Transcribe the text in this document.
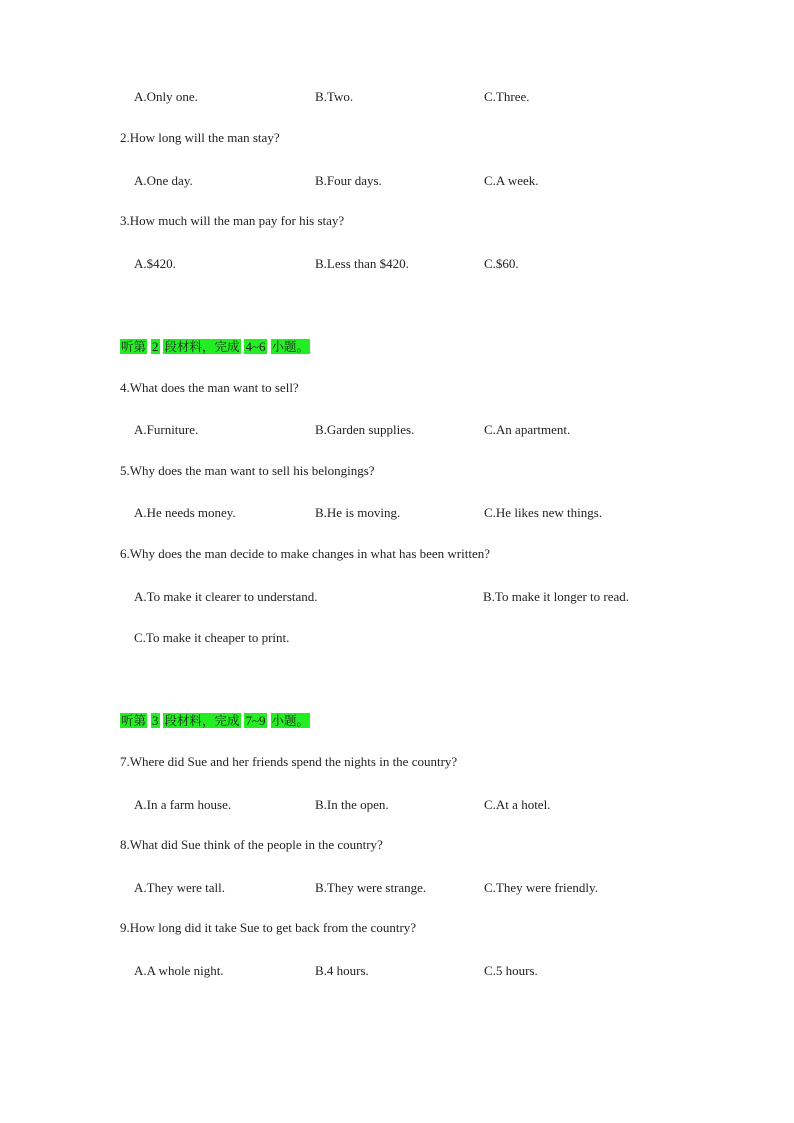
A.Only one.	B.Two.	C.Three.
2.How long will the man stay?
A.One day.	B.Four days.	C.A week.
3.How much will the man pay for his stay?
A.$420.	B.Less than $420.	C.$60.
听第 2 段材料，完成 4~6 小题。
4.What does the man want to sell?
A.Furniture.	B.Garden supplies.	C.An apartment.
5.Why does the man want to sell his belongings?
A.He needs money.	B.He is moving.	C.He likes new things.
6.Why does the man decide to make changes in what has been written?
A.To make it clearer to understand.	B.To make it longer to read.
C.To make it cheaper to print.
听第 3 段材料，完成 7~9 小题。
7.Where did Sue and her friends spend the nights in the country?
A.In a farm house.	B.In the open.	C.At a hotel.
8.What did Sue think of the people in the country?
A.They were tall.	B.They were strange.	C.They were friendly.
9.How long did it take Sue to get back from the country?
A.A whole night.	B.4 hours.	C.5 hours.
